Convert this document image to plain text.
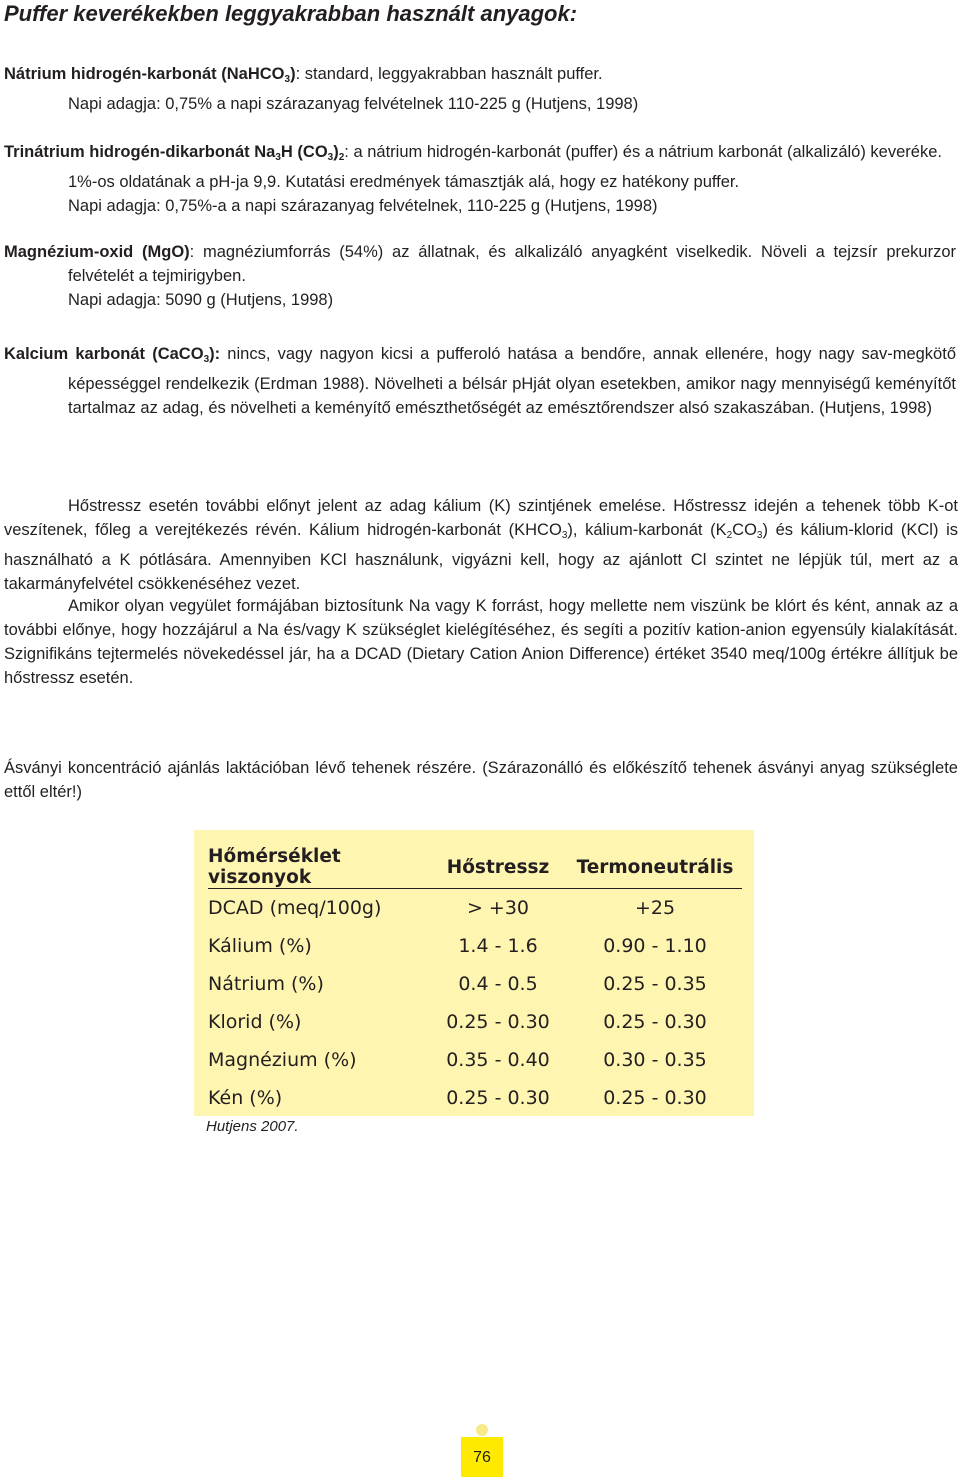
Puffer keverékekben leggyakrabban használt anyagok:
Nátrium hidrogén-karbonát (NaHCO$_3$): standard, leggyakrabban használt puffer.
Napi adagja: 0,75% a napi szárazanyag felvételnek 110-225 g (Hutjens, 1998)
Trinátrium hidrogén-dikarbonát $Na_3H$ $(CO_3)_2$: a nátrium hidrogén-karbonát (puffer) és a nátrium karbonát (alkalizáló) keveréke. 1%-os oldatának a pH-ja 9,9. Kutatási eredmények támasztják alá, hogy ez hatékony puffer.
Napi adagja: 0,75%-a a napi szárazanyag felvételnek, 110-225 g (Hutjens, 1998)
Magnézium-oxid (MgO): magnéziumforrás (54%) az állatnak, és alkalizáló anyagként viselkedik. Növeli a tejzsír prekurzor felvételét a tejmirigyben.
Napi adagja: 5090 g (Hutjens, 1998)
Kalcium karbonát (CaCO$_3$): nincs, vagy nagyon kicsi a pufferoló hatása a bendőre, annak ellenére, hogy nagy sav-megkötő képességgel rendelkezik (Erdman 1988). Növelheti a bélsár pHját olyan esetekben, amikor nagy mennyiségű keményítőt tartalmaz az adag, és növelheti a keményítő emészthetőségét az emésztőrendszer alsó szakaszában. (Hutjens, 1998)

Hőstressz esetén további előnyt jelent az adag kálium (K) szintjének emelése. Hőstressz idején a tehenek több K-ot veszítenek, főleg a verejtékezés révén. Kálium hidrogén-karbonát $(KHCO_3)$, kálium-karbonát $(K_2CO_3)$ és kálium-klorid (KCl) is használható a K pótlására. Amennyiben KCl használunk, vigyázni kell, hogy az ajánlott Cl szintet ne lépjük túl, mert az a takarmányfelvétel csökkenéséhez vezet.

Amikor olyan vegyület formájában biztosítunk Na vagy K forrást, hogy mellette nem viszünk be klórt és ként, annak az a további előnye, hogy hozzájárul a Na és/vagy K szükséglet kielégítéséhez, és segíti a pozitív kation-anion egyensúly kialakítását. Szignifikáns tejtermelés növekedéssel jár, ha a DCAD (Dietary Cation Anion Difference) értéket 3540 meq/100g értékre állítjuk be hőstressz esetén.

Ásványi koncentráció ajánlás laktációban lévő tehenek részére. (Szárazonálló és előkészítő tehenek ásványi anyag szükséglete ettől eltér!)

Hőmérséklet viszonyok	Hőstressz	Termoneutrális
DCAD (meq/100g)	> +30	+25
Kálium (%)	1.4 - 1.6	0.90 - 1.10
Nátrium (%)	0.4 - 0.5	0.25 - 0.35
Klorid (%)	0.25 - 0.30	0.25 - 0.30
Magnézium (%)	0.35 - 0.40	0.30 - 0.35
Kén (%)	0.25 - 0.30	0.25 - 0.30
Hutjens 2007.
76
